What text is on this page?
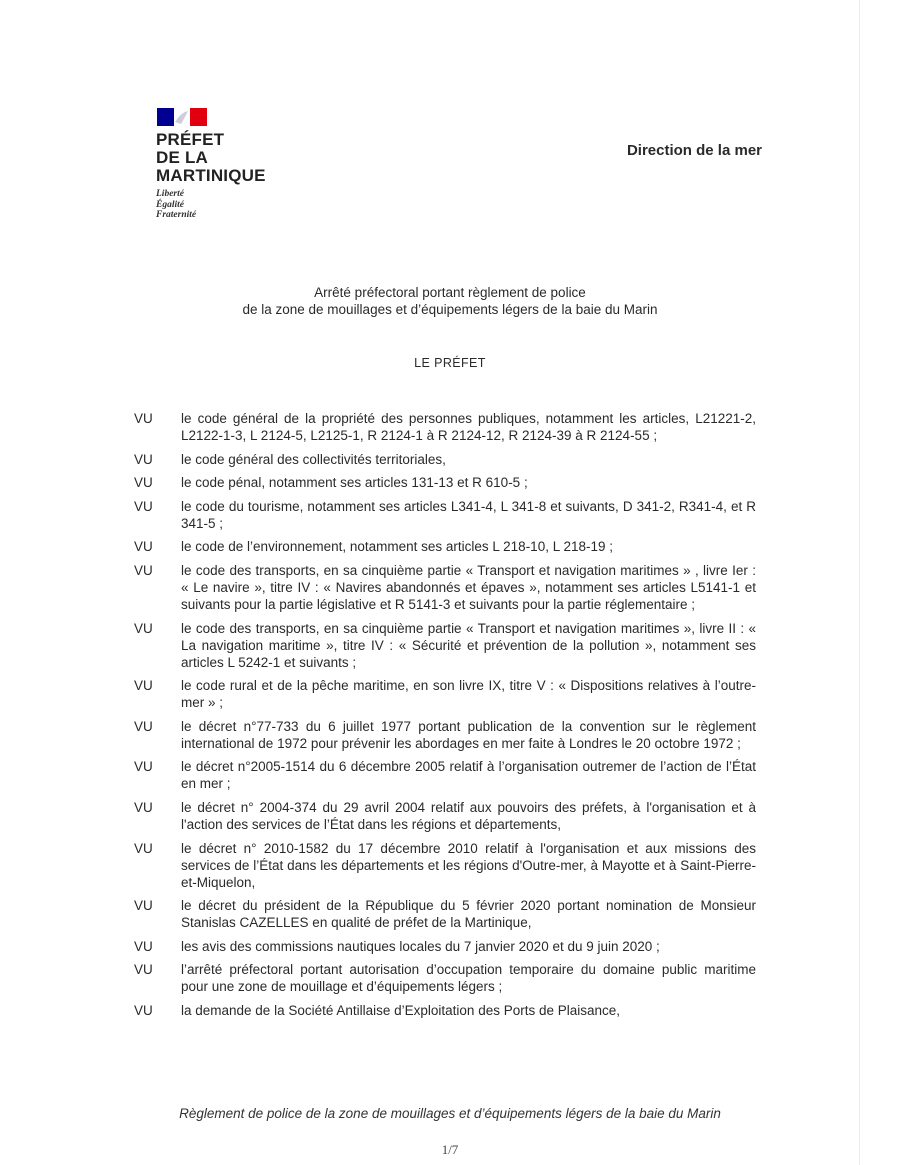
PRÉFET
DE LA
MARTINIQUE
Liberté
Égalité
Fraternité
Direction de la mer
Arrêté préfectoral portant règlement de police
de la zone de mouillages et d’équipements légers de la baie du Marin
LE PRÉFET
VU	le code général de la propriété des personnes publiques, notamment les articles, L21221-2, L2122-1-3, L 2124-5, L2125-1, R 2124-1 à R 2124-12, R 2124-39 à R 2124-55 ;
VU	le code général des collectivités territoriales,
VU	le code pénal, notamment ses articles 131-13 et R 610-5 ;
VU	le code du tourisme, notamment ses articles L341-4, L 341-8 et suivants, D 341-2, R341-4, et R 341-5 ;
VU	le code de l’environnement, notamment ses articles L 218-10, L 218-19 ;
VU	le code des transports, en sa cinquième partie « Transport et navigation maritimes » , livre Ier : « Le navire », titre IV : « Navires abandonnés et épaves », notamment ses articles L5141-1 et suivants pour la partie législative et R 5141-3 et suivants pour la partie réglementaire ;
VU	le code des transports, en sa cinquième partie « Transport et navigation maritimes », livre II : « La navigation maritime », titre IV : « Sécurité et prévention de la pollution », notamment ses articles L 5242-1 et suivants ;
VU	le code rural et de la pêche maritime, en son livre IX, titre V : « Dispositions relatives à l’outre-mer » ;
VU	le décret n°77-733 du 6 juillet 1977 portant publication de la convention sur le règlement international de 1972 pour prévenir les abordages en mer faite à Londres le 20 octobre 1972 ;
VU	le décret n°2005-1514 du 6 décembre 2005 relatif à l’organisation outremer de l’action de l’État en mer ;
VU	le décret n° 2004-374 du 29 avril 2004 relatif aux pouvoirs des préfets, à l'organisation et à l'action des services de l’État dans les régions et départements,
VU	le décret n° 2010-1582 du 17 décembre 2010 relatif à l'organisation et aux missions des services de l’État dans les départements et les régions d'Outre-mer, à Mayotte et à Saint-Pierre-et-Miquelon,
VU	le décret du président de la République du 5 février 2020 portant nomination de Monsieur Stanislas CAZELLES en qualité de préfet de la Martinique,
VU	les avis des commissions nautiques locales du 7 janvier 2020 et du 9 juin 2020 ;
VU	l’arrêté préfectoral portant autorisation d’occupation temporaire du domaine public maritime pour une zone de mouillage et d’équipements légers ;
VU	la demande de la Société Antillaise d’Exploitation des Ports de Plaisance,
Règlement de police de la zone de mouillages et d’équipements légers de la baie du Marin
1/7
